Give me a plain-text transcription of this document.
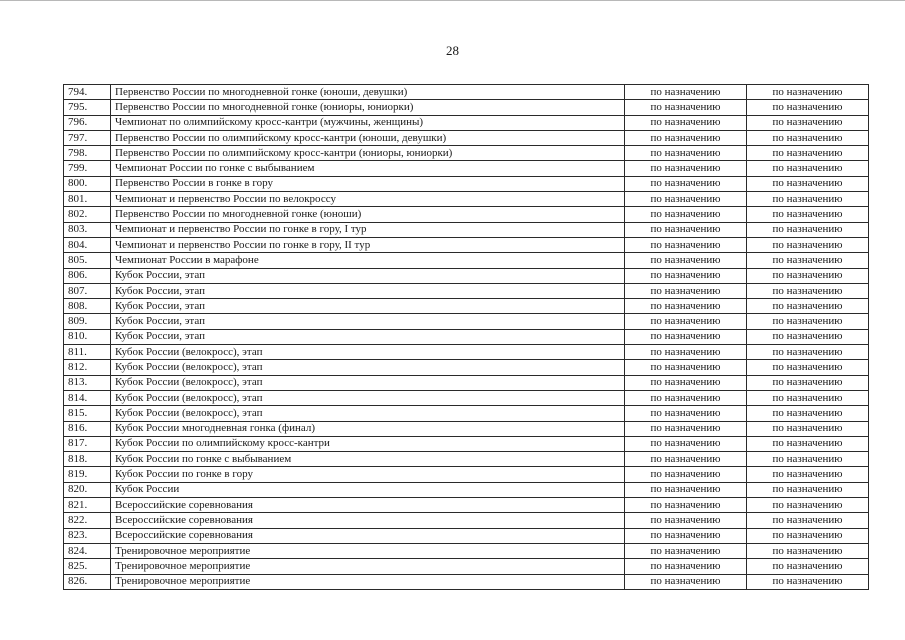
28
794.	Первенство России по многодневной гонке (юноши, девушки)	по назначению	по назначению
795.	Первенство России по многодневной гонке (юниоры, юниорки)	по назначению	по назначению
796.	Чемпионат по олимпийскому кросс-кантри (мужчины, женщины)	по назначению	по назначению
797.	Первенство России по олимпийскому кросс-кантри (юноши, девушки)	по назначению	по назначению
798.	Первенство России по олимпийскому кросс-кантри (юниоры, юниорки)	по назначению	по назначению
799.	Чемпионат России по гонке с выбыванием	по назначению	по назначению
800.	Первенство России в гонке в гору	по назначению	по назначению
801.	Чемпионат и первенство России по велокроссу	по назначению	по назначению
802.	Первенство России по многодневной гонке (юноши)	по назначению	по назначению
803.	Чемпионат и первенство России по гонке в гору, I тур	по назначению	по назначению
804.	Чемпионат и первенство России по гонке в гору, II тур	по назначению	по назначению
805.	Чемпионат России в марафоне	по назначению	по назначению
806.	Кубок России, этап	по назначению	по назначению
807.	Кубок России, этап	по назначению	по назначению
808.	Кубок России, этап	по назначению	по назначению
809.	Кубок России, этап	по назначению	по назначению
810.	Кубок России, этап	по назначению	по назначению
811.	Кубок России (велокросс), этап	по назначению	по назначению
812.	Кубок России (велокросс), этап	по назначению	по назначению
813.	Кубок России (велокросс), этап	по назначению	по назначению
814.	Кубок России (велокросс), этап	по назначению	по назначению
815.	Кубок России (велокросс), этап	по назначению	по назначению
816.	Кубок России многодневная гонка (финал)	по назначению	по назначению
817.	Кубок России по олимпийскому кросс-кантри	по назначению	по назначению
818.	Кубок России по гонке с выбыванием	по назначению	по назначению
819.	Кубок России по гонке в гору	по назначению	по назначению
820.	Кубок России	по назначению	по назначению
821.	Всероссийские соревнования	по назначению	по назначению
822.	Всероссийские соревнования	по назначению	по назначению
823.	Всероссийские соревнования	по назначению	по назначению
824.	Тренировочное мероприятие	по назначению	по назначению
825.	Тренировочное мероприятие	по назначению	по назначению
826.	Тренировочное мероприятие	по назначению	по назначению
